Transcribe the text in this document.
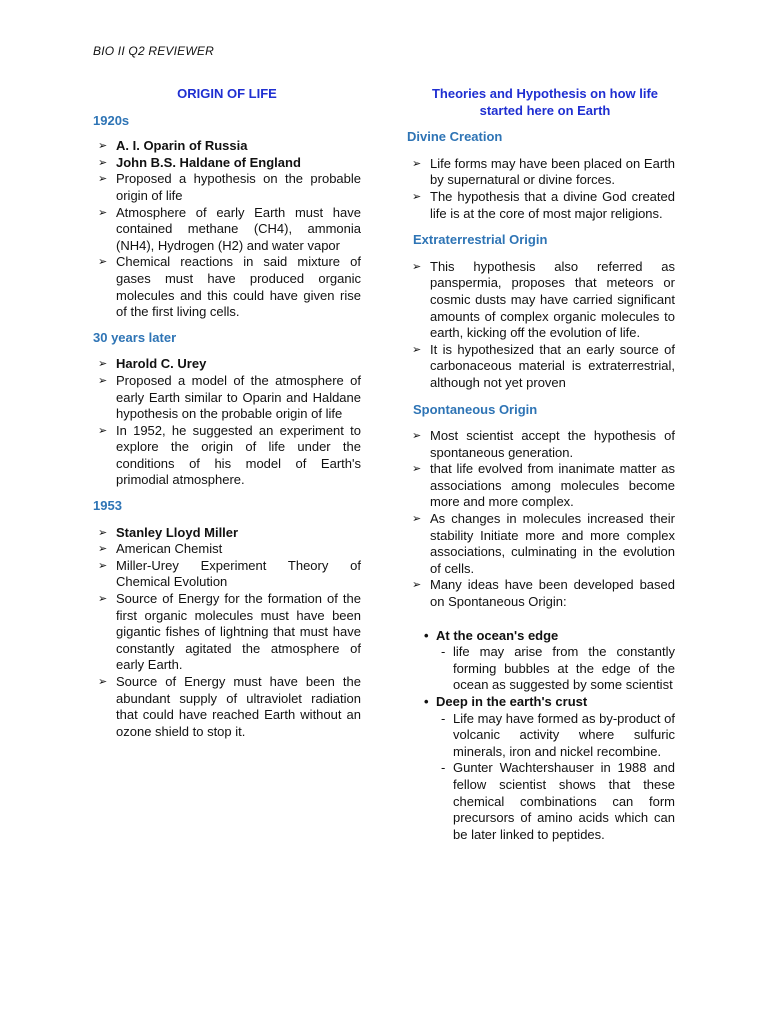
BIO II Q2 REVIEWER

ORIGIN OF LIFE

1920s

➢ A. I. Oparin of Russia
➢ John B.S. Haldane of England
➢ Proposed a hypothesis on the probable origin of life
➢ Atmosphere of early Earth must have contained methane (CH4), ammonia (NH4), Hydrogen (H2) and water vapor
➢ Chemical reactions in said mixture of gases must have produced organic molecules and this could have given rise of the first living cells.

30 years later

➢ Harold C. Urey
➢ Proposed a model of the atmosphere of early Earth similar to Oparin and Haldane hypothesis on the probable origin of life
➢ In 1952, he suggested an experiment to explore the origin of life under the conditions of his model of Earth's primodial atmosphere.

1953

➢ Stanley Lloyd Miller
➢ American Chemist
➢ Miller-Urey Experiment Theory of Chemical Evolution
➢ Source of Energy for the formation of the first organic molecules must have been gigantic fishes of lightning that must have constantly agitated the atmosphere of early Earth.
➢ Source of Energy must have been the abundant supply of ultraviolet radiation that could have reached Earth without an ozone shield to stop it.

Theories and Hypothesis on how life started here on Earth

Divine Creation

➢ Life forms may have been placed on Earth by supernatural or divine forces.
➢ The hypothesis that a divine God created life is at the core of most major religions.

Extraterrestrial Origin

➢ This hypothesis also referred as panspermia, proposes that meteors or cosmic dusts may have carried significant amounts of complex organic molecules to earth, kicking off the evolution of life.
➢ It is hypothesized that an early source of carbonaceous material is extraterrestrial, although not yet proven

Spontaneous Origin

➢ Most scientist accept the hypothesis of spontaneous generation.
➢ that life evolved from inanimate matter as associations among molecules become more and more complex.
➢ As changes in molecules increased their stability Initiate more and more complex associations, culminating in the evolution of cells.
➢ Many ideas have been developed based on Spontaneous Origin:
• At the ocean's edge
- life may arise from the constantly forming bubbles at the edge of the ocean as suggested by some scientist
• Deep in the earth's crust
- Life may have formed as by-product of volcanic activity where sulfuric minerals, iron and nickel recombine.
- Gunter Wachtershauser in 1988 and fellow scientist shows that these chemical combinations can form precursors of amino acids which can be later linked to peptides.
